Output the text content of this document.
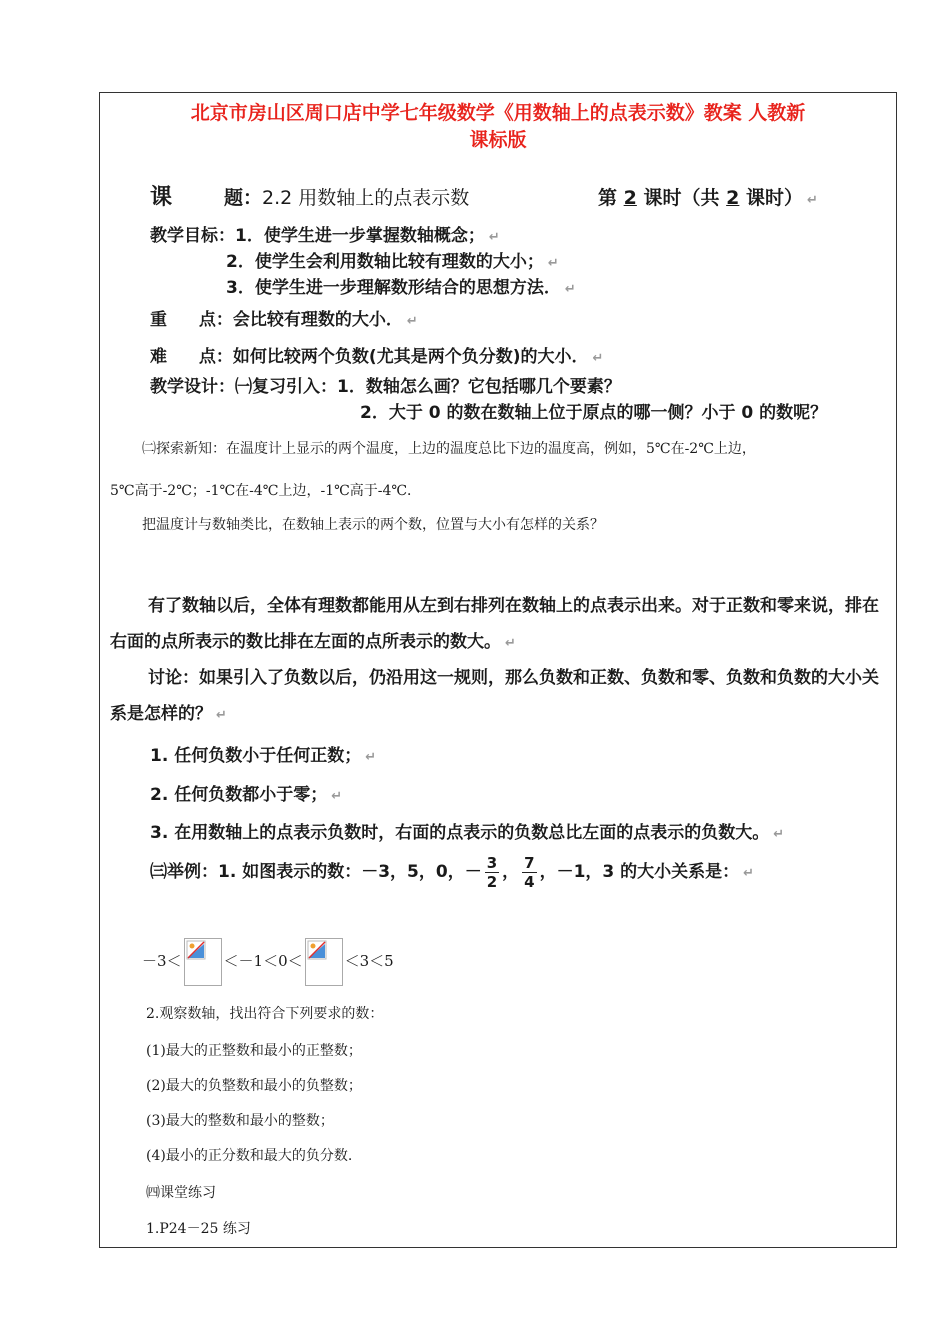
北京市房山区周口店中学七年级数学《用数轴上的点表示数》教案 人教新
课标版
课	题：2.2 用数轴上的点表示数	第 2 课时（共 2 课时） ↵
教学目标：1．使学生进一步掌握数轴概念； ↵
2．使学生会利用数轴比较有理数的大小； ↵
3．使学生进一步理解数形结合的思想方法． ↵
重 点：会比较有理数的大小． ↵
难 点：如何比较两个负数(尤其是两个负分数)的大小． ↵
教学设计：㈠复习引入：1．数轴怎么画？它包括哪几个要素？
2．大于 0 的数在数轴上位于原点的哪一侧？小于 0 的数呢？
㈡探索新知：在温度计上显示的两个温度，上边的温度总比下边的温度高，例如，5℃在-2℃上边，
5℃高于-2℃；-1℃在-4℃上边，-1℃高于-4℃．
把温度计与数轴类比，在数轴上表示的两个数，位置与大小有怎样的关系？
有了数轴以后，全体有理数都能用从左到右排列在数轴上的点表示出来。对于正数和零来说，排在右面的点所表示的数比排在左面的点所表示的数大。 ↵
讨论：如果引入了负数以后，仍沿用这一规则，那么负数和正数、负数和零、负数和负数的大小关系是怎样的？ ↵
1. 任何负数小于任何正数； ↵
2. 任何负数都小于零； ↵
3. 在用数轴上的点表示负数时，右面的点表示的负数总比左面的点表示的负数大。 ↵
㈢举例：1. 如图表示的数：－3，5，0，－ $\frac{3}{2}$ ， $\frac{7}{4}$ ，－1，3 的大小关系是： ↵
－3＜	＜－1＜0＜	＜3＜5
2.观察数轴，找出符合下列要求的数：
(1)最大的正整数和最小的正整数；
(2)最大的负整数和最小的负整数；
(3)最大的整数和最小的整数；
(4)最小的正分数和最大的负分数.
㈣课堂练习
1.P24－25 练习
